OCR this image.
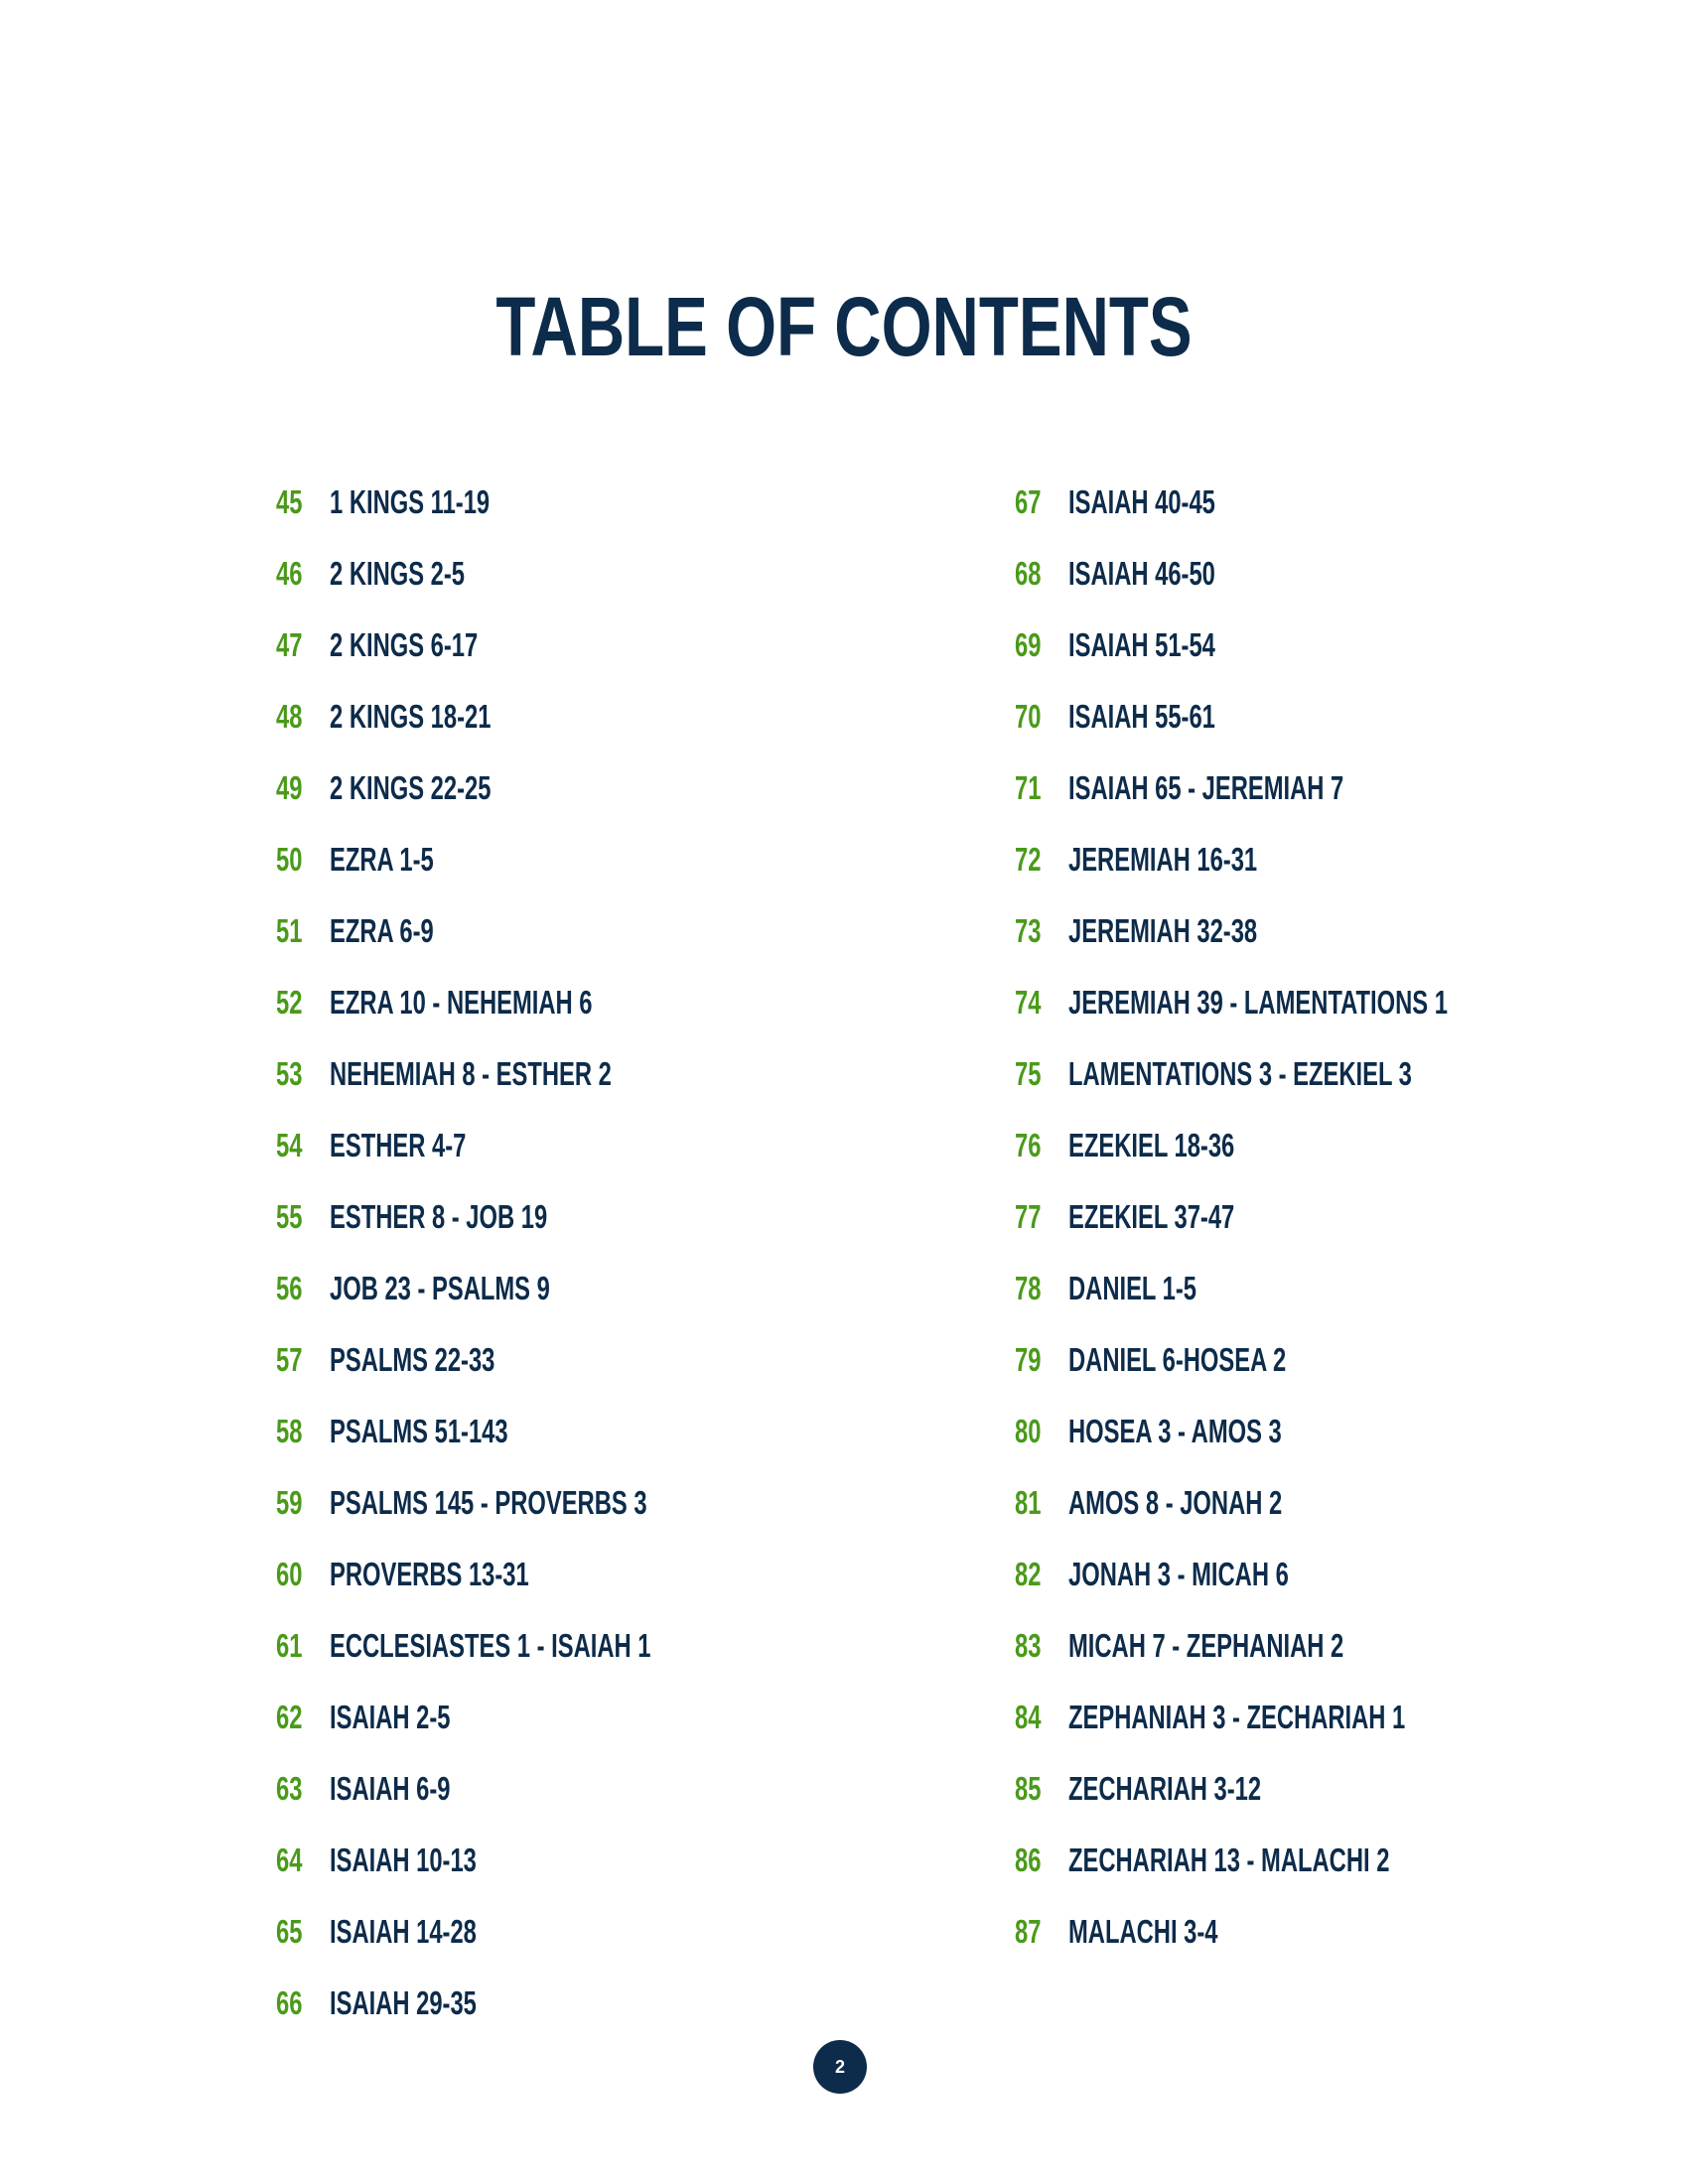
TABLE OF CONTENTS
45 1 KINGS 11-19
46 2 KINGS 2-5
47 2 KINGS 6-17
48 2 KINGS 18-21
49 2 KINGS 22-25
50 EZRA 1-5
51 EZRA 6-9
52 EZRA 10 - NEHEMIAH 6
53 NEHEMIAH 8 - ESTHER 2
54 ESTHER 4-7
55 ESTHER 8 - JOB 19
56 JOB 23 - PSALMS 9
57 PSALMS 22-33
58 PSALMS 51-143
59 PSALMS 145 - PROVERBS 3
60 PROVERBS 13-31
61 ECCLESIASTES 1 - ISAIAH 1
62 ISAIAH 2-5
63 ISAIAH 6-9
64 ISAIAH 10-13
65 ISAIAH 14-28
66 ISAIAH 29-35
67 ISAIAH 40-45
68 ISAIAH 46-50
69 ISAIAH 51-54
70 ISAIAH 55-61
71 ISAIAH 65 - JEREMIAH 7
72 JEREMIAH 16-31
73 JEREMIAH 32-38
74 JEREMIAH 39 - LAMENTATIONS 1
75 LAMENTATIONS 3 - EZEKIEL 3
76 EZEKIEL 18-36
77 EZEKIEL 37-47
78 DANIEL 1-5
79 DANIEL 6-HOSEA 2
80 HOSEA 3 - AMOS 3
81 AMOS 8 - JONAH 2
82 JONAH 3 - MICAH 6
83 MICAH 7 - ZEPHANIAH 2
84 ZEPHANIAH 3 - ZECHARIAH 1
85 ZECHARIAH 3-12
86 ZECHARIAH 13 - MALACHI 2
87 MALACHI 3-4
2
